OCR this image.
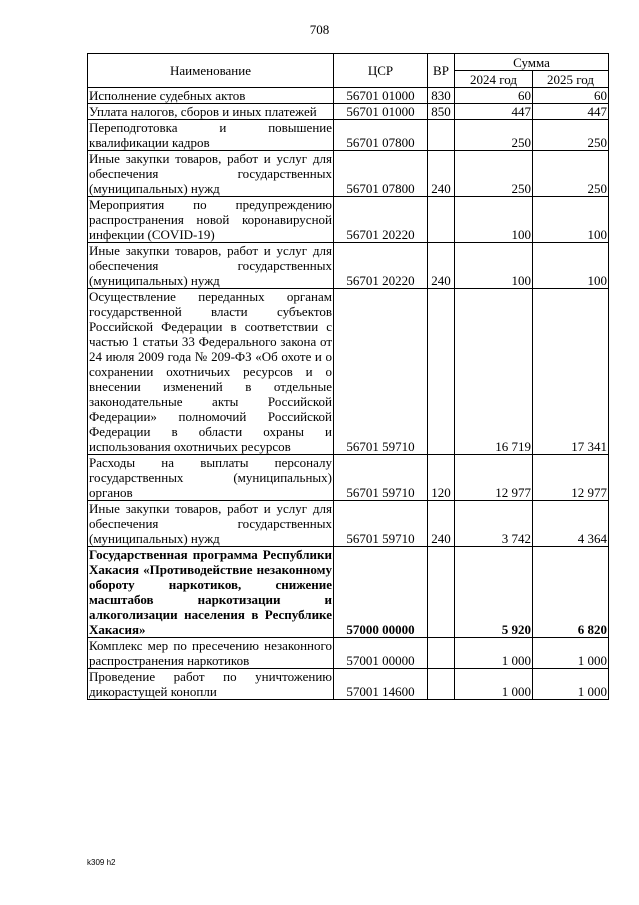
708
Наименование	ЦСР	ВР	Сумма	
			2024 год	2025 год
Исполнение судебных актов	56701 01000	830	60	60
Уплата налогов, сборов и иных платежей	56701 01000	850	447	447
Переподготовка и повышение квалификации кадров	56701 07800		250	250
Иные закупки товаров, работ и услуг для обеспечения государственных (муниципальных) нужд	56701 07800	240	250	250
Мероприятия по предупреждению распространения новой коронавирусной инфекции (COVID-19)	56701 20220		100	100
Иные закупки товаров, работ и услуг для обеспечения государственных (муниципальных) нужд	56701 20220	240	100	100
Осуществление переданных органам государственной власти субъектов Российской Федерации в соответствии с частью 1 статьи 33 Федерального закона от 24 июля 2009 года № 209-ФЗ «Об охоте и о сохранении охотничьих ресурсов и о внесении изменений в отдельные законодательные акты Российской Федерации» полномочий Российской Федерации в области охраны и использования охотничьих ресурсов	56701 59710		16 719	17 341
Расходы на выплаты персоналу государственных (муниципальных) органов	56701 59710	120	12 977	12 977
Иные закупки товаров, работ и услуг для обеспечения государственных (муниципальных) нужд	56701 59710	240	3 742	4 364
Государственная программа Республики Хакасия «Противодействие незаконному обороту наркотиков, снижение масштабов наркотизации и алкоголизации населения в Республике Хакасия»	57000 00000		5 920	6 820
Комплекс мер по пресечению незаконного распространения наркотиков	57001 00000		1 000	1 000
Проведение работ по уничтожению дикорастущей конопли	57001 14600		1 000	1 000
k309 h2
